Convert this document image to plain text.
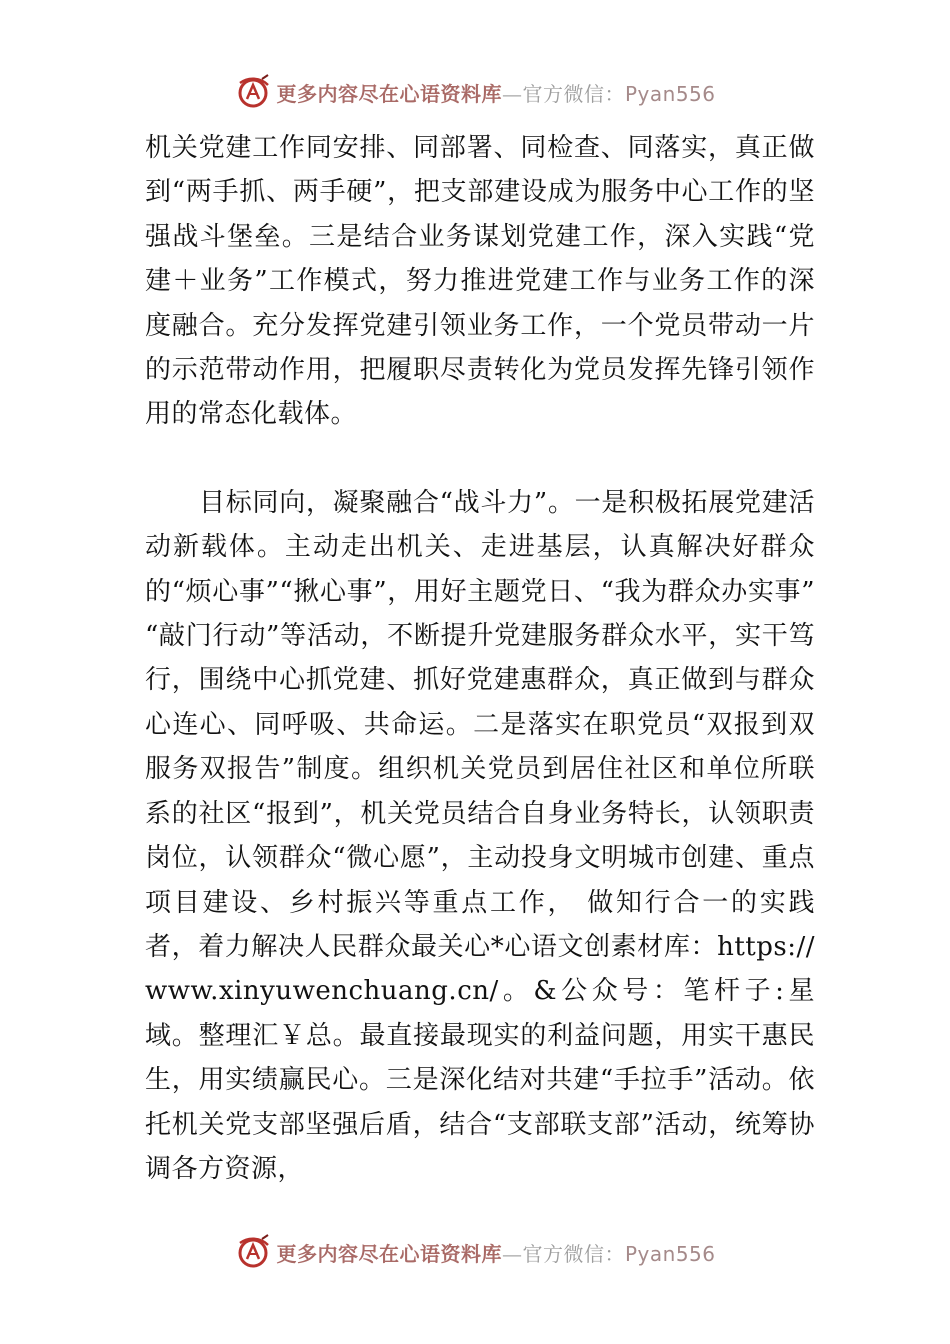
更多内容尽在心语资料库—官方微信：Pyan556

机关党建工作同安排、同部署、同检查、同落实，真正做到“两手抓、两手硬”，把支部建设成为服务中心工作的坚强战斗堡垒。三是结合业务谋划党建工作，深入实践“党建＋业务”工作模式，努力推进党建工作与业务工作的深度融合。充分发挥党建引领业务工作，一个党员带动一片的示范带动作用，把履职尽责转化为党员发挥先锋引领作用的常态化载体。

目标同向，凝聚融合“战斗力”。一是积极拓展党建活动新载体。主动走出机关、走进基层，认真解决好群众的“烦心事”“揪心事”，用好主题党日、“我为群众办实事” “敲门行动”等活动，不断提升党建服务群众水平，实干笃行，围绕中心抓党建、抓好党建惠群众，真正做到与群众心连心、同呼吸、共命运。二是落实在职党员“双报到双服务双报告”制度。组织机关党员到居住社区和单位所联系的社区“报到”，机关党员结合自身业务特长，认领职责岗位，认领群众“微心愿”，主动投身文明城市创建、重点项目建设、乡村振兴等重点工作， 做知行合一的实践者，着力解决人民群众最关心*心语文创素材库：https://www.xinyuwenchuang.cn/。&公众号：笔杆子:星域。整理汇￥总。最直接最现实的利益问题，用实干惠民生，用实绩赢民心。三是深化结对共建“手拉手”活动。依托机关党支部坚强后盾，结合“支部联支部”活动，统筹协调各方资源，

更多内容尽在心语资料库—官方微信：Pyan556
